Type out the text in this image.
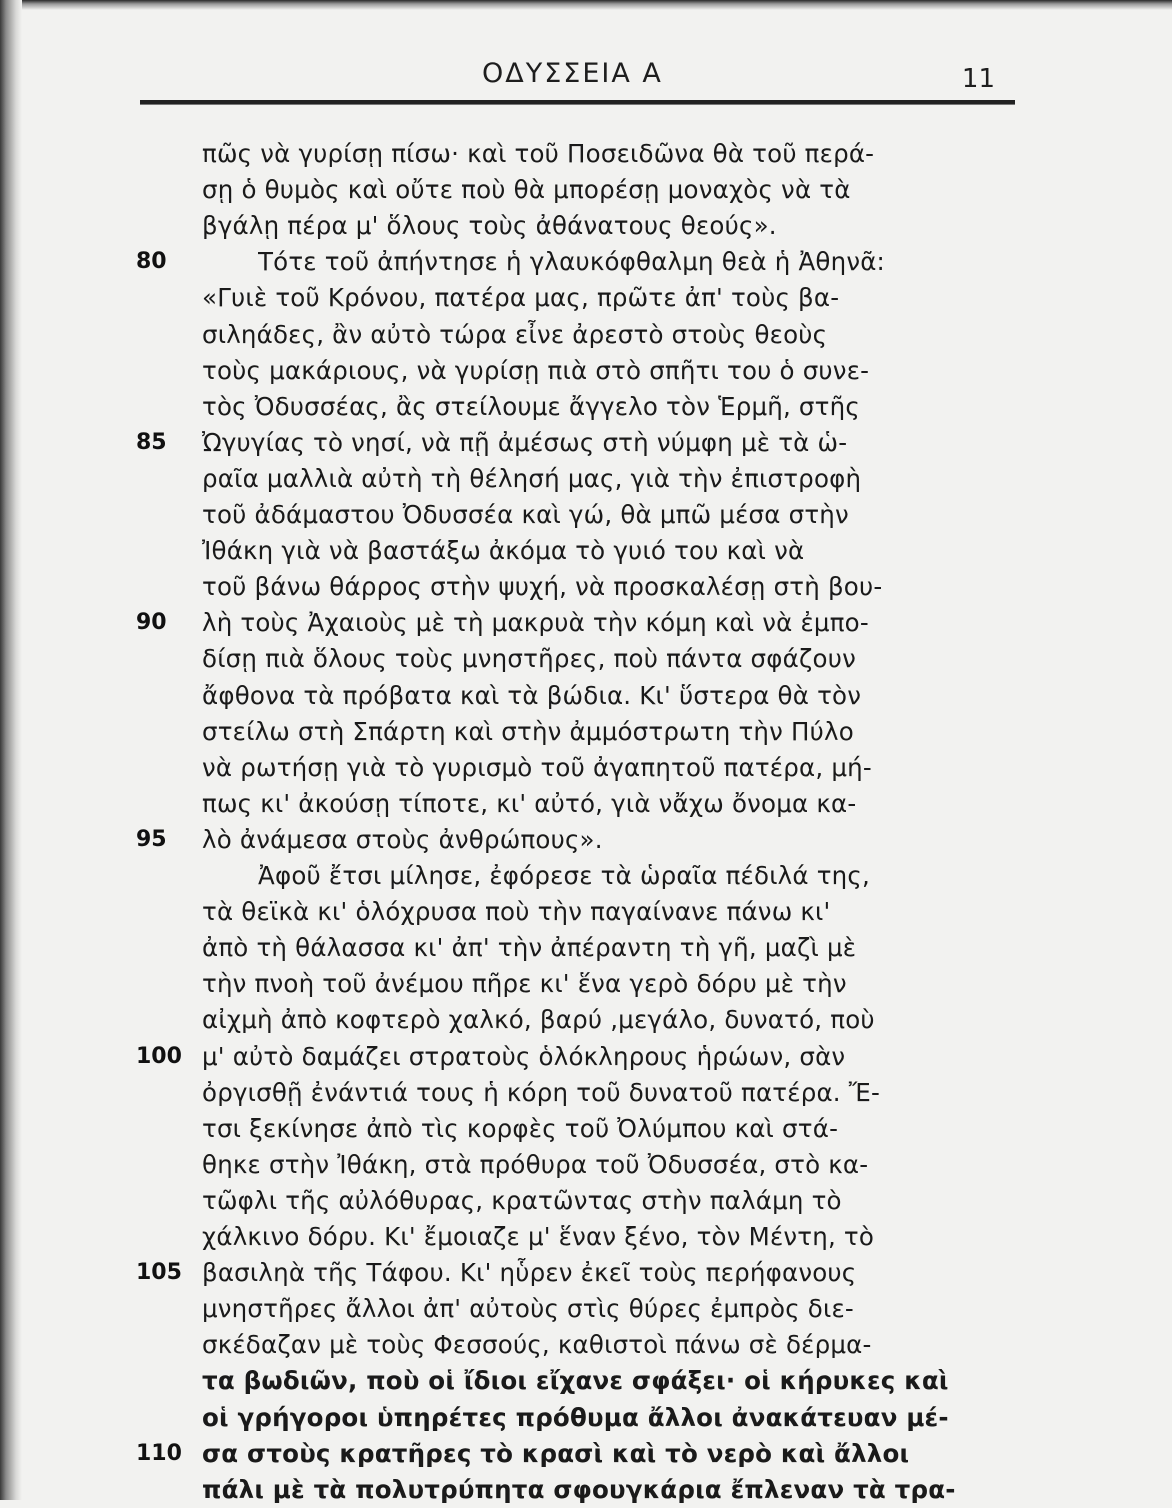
ΟΔΥΣΣΕΙΑ Α	11
πῶς νὰ γυρίσῃ πίσω· καὶ τοῦ Ποσειδῶνα θὰ τοῦ περά-
σῃ ὁ θυμὸς καὶ οὔτε ποὺ θὰ μπορέσῃ μοναχὸς νὰ τὰ
βγάλῃ πέρα μ' ὅλους τοὺς ἀθάνατους θεούς».
Τότε τοῦ ἀπήντησε ἡ γλαυκόφθαλμη θεὰ ἡ Ἀθηνᾶ:
«Γυιὲ τοῦ Κρόνου, πατέρα μας, πρῶτε ἀπ' τοὺς βα-
σιληάδες, ἂν αὐτὸ τώρα εἶνε ἀρεστὸ στοὺς θεοὺς
τοὺς μακάριους, νὰ γυρίσῃ πιὰ στὸ σπῆτι του ὁ συνε-
τὸς Ὀδυσσέας, ἂς στείλουμε ἄγγελο τὸν Ἑρμῆ, στῆς
Ὠγυγίας τὸ νησί, νὰ πῇ ἀμέσως στὴ νύμφη μὲ τὰ ὡ-
ραῖα μαλλιὰ αὐτὴ τὴ θέλησή μας, γιὰ τὴν ἐπιστροφὴ
τοῦ ἀδάμαστου Ὀδυσσέα καὶ γώ, θὰ μπῶ μέσα στὴν
Ἰθάκη γιὰ νὰ βαστάξω ἀκόμα τὸ γυιό του καὶ νὰ
τοῦ βάνω θάρρος στὴν ψυχή, νὰ προσκαλέσῃ στὴ βου-
λὴ τοὺς Ἀχαιοὺς μὲ τὴ μακρυὰ τὴν κόμη καὶ νὰ ἐμπο-
δίσῃ πιὰ ὅλους τοὺς μνηστῆρες, ποὺ πάντα σφάζουν
ἄφθονα τὰ πρόβατα καὶ τὰ βώδια. Κι' ὕστερα θὰ τὸν
στείλω στὴ Σπάρτη καὶ στὴν ἀμμόστρωτη τὴν Πύλο
νὰ ρωτήσῃ γιὰ τὸ γυρισμὸ τοῦ ἀγαπητοῦ πατέρα, μή-
πως κι' ἀκούσῃ τίποτε, κι' αὐτό, γιὰ νἄχω ὄνομα κα-
λὸ ἀνάμεσα στοὺς ἀνθρώπους».
Ἀφοῦ ἔτσι μίλησε, ἐφόρεσε τὰ ὡραῖα πέδιλά της,
τὰ θεϊκὰ κι' ὁλόχρυσα ποὺ τὴν παγαίνανε πάνω κι'
ἀπὸ τὴ θάλασσα κι' ἀπ' τὴν ἀπέραντη τὴ γῆ, μαζὶ μὲ
τὴν πνοὴ τοῦ ἀνέμου πῆρε κι' ἕνα γερὸ δόρυ μὲ τὴν
αἰχμὴ ἀπὸ κοφτερὸ χαλκό, βαρύ ,μεγάλο, δυνατό, ποὺ
μ' αὐτὸ δαμάζει στρατοὺς ὁλόκληρους ἡρώων, σὰν
ὀργισθῇ ἐνάντιά τους ἡ κόρη τοῦ δυνατοῦ πατέρα. Ἔ-
τσι ξεκίνησε ἀπὸ τὶς κορφὲς τοῦ Ὀλύμπου καὶ στά-
θηκε στὴν Ἰθάκη, στὰ πρόθυρα τοῦ Ὀδυσσέα, στὸ κα-
τῶφλι τῆς αὐλόθυρας, κρατῶντας στὴν παλάμη τὸ
χάλκινο δόρυ. Κι' ἔμοιαζε μ' ἕναν ξένο, τὸν Μέντη, τὸ
βασιληὰ τῆς Τάφου. Κι' ηὗρεν ἐκεῖ τοὺς περήφανους
μνηστῆρες ἄλλοι ἀπ' αὐτοὺς στὶς θύρες ἐμπρὸς διε-
σκέδαζαν μὲ τοὺς Φεσσούς, καθιστοὶ πάνω σὲ δέρμα-
τα βωδιῶν, ποὺ οἱ ἴδιοι εἴχανε σφάξει· οἱ κήρυκες καὶ
οἱ γρήγοροι ὑπηρέτες πρόθυμα ἄλλοι ἀνακάτευαν μέ-
σα στοὺς κρατῆρες τὸ κρασὶ καὶ τὸ νερὸ καὶ ἄλλοι
πάλι μὲ τὰ πολυτρύπητα σφουγκάρια ἔπλεναν τὰ τρα-
80
85
90
95
100
105
110
